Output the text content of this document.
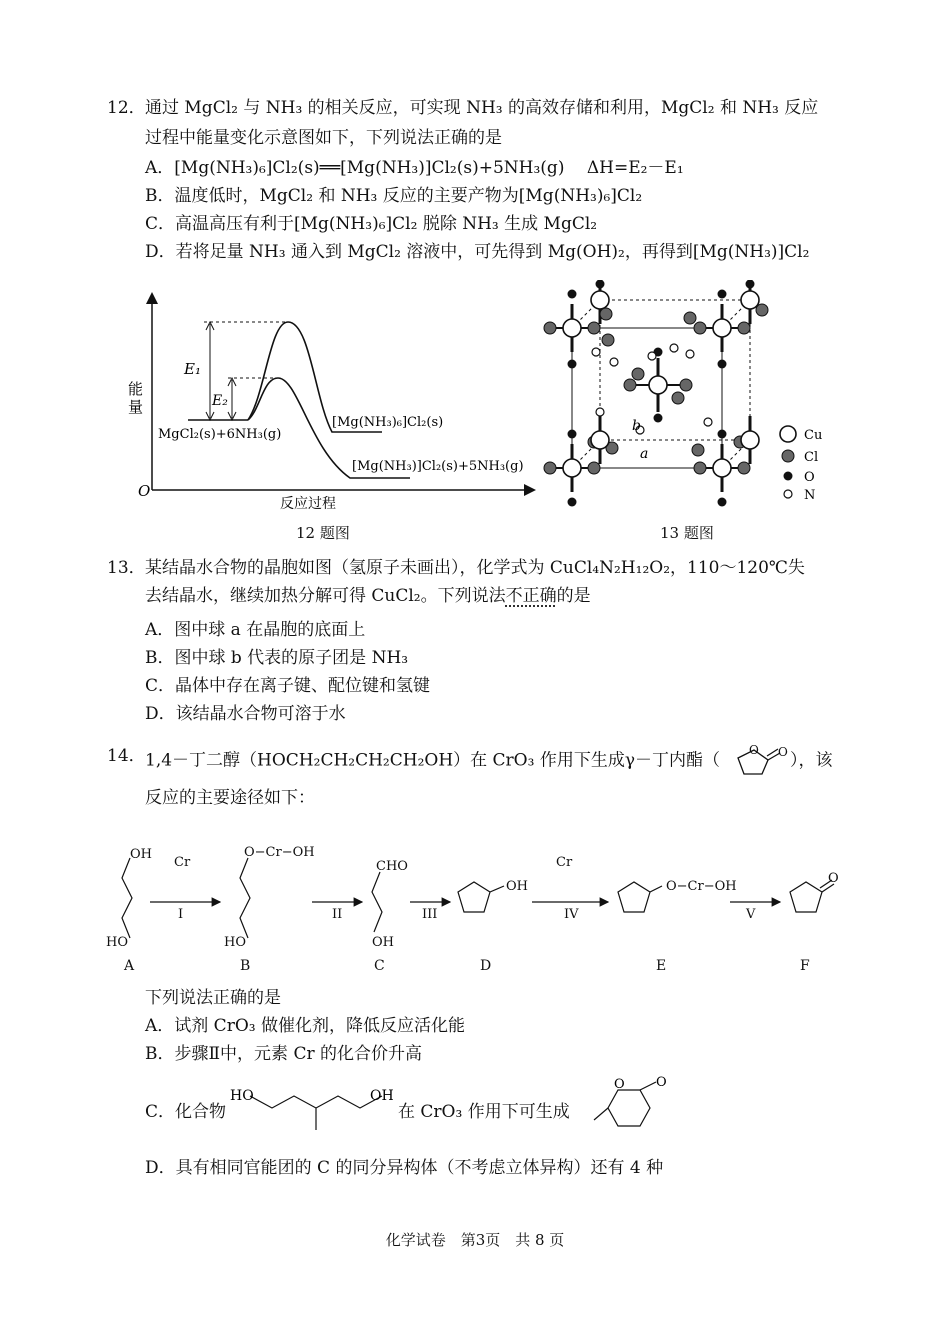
12． 通过 MgCl₂ 与 NH₃ 的相关反应，可实现 NH₃ 的高效存储和利用，MgCl₂ 和 NH₃ 反应
过程中能量变化示意图如下，下列说法正确的是
A．[Mg(NH₃)₆]Cl₂(s)══[Mg(NH₃)]Cl₂(s)+5NH₃(g)　 ΔH=E₂－E₁
B．温度低时，MgCl₂ 和 NH₃ 反应的主要产物为[Mg(NH₃)₆]Cl₂
C．高温高压有利于[Mg(NH₃)₆]Cl₂ 脱除 NH₃ 生成 MgCl₂
D．若将足量 NH₃ 通入到 MgCl₂ 溶液中，可先得到 Mg(OH)₂，再得到[Mg(NH₃)]Cl₂
E₁
E₂
能
量
O
反应过程
MgCl₂(s)+6NH₃(g)
[Mg(NH₃)₆]Cl₂(s)
[Mg(NH₃)]Cl₂(s)+5NH₃(g)
12 题图
b
a
Cu
Cl
O
N
13 题图
13． 某结晶水合物的晶胞如图（氢原子未画出），化学式为 CuCl₄N₂H₁₂O₂，110～120℃失
去结晶水，继续加热分解可得 CuCl₂。下列说法不正确的是
A．图中球 a 在晶胞的底面上
B．图中球 b 代表的原子团是 NH₃
C．晶体中存在离子键、配位键和氢键
D．该结晶水合物可溶于水
14． 1,4－丁二醇（HOCH₂CH₂CH₂CH₂OH）在 CrO₃ 作用下生成γ－丁内酯（
O O ），该
反应的主要途径如下：
OH
HO
Cr
O−Cr−OH
HO
CHO
OH
OH
Cr
O−Cr−OH
O
I	II	III	IV	V
A	B	C	D	E	F
下列说法正确的是
A．试剂 CrO₃ 做催化剂，降低反应活化能
B．步骤Ⅱ中，元素 Cr 的化合价升高
C．化合物
HO	OH
在 CrO₃ 作用下可生成
O O
D．具有相同官能团的 C 的同分异构体（不考虑立体异构）还有 4 种
化学试卷　第3页　共 8 页
